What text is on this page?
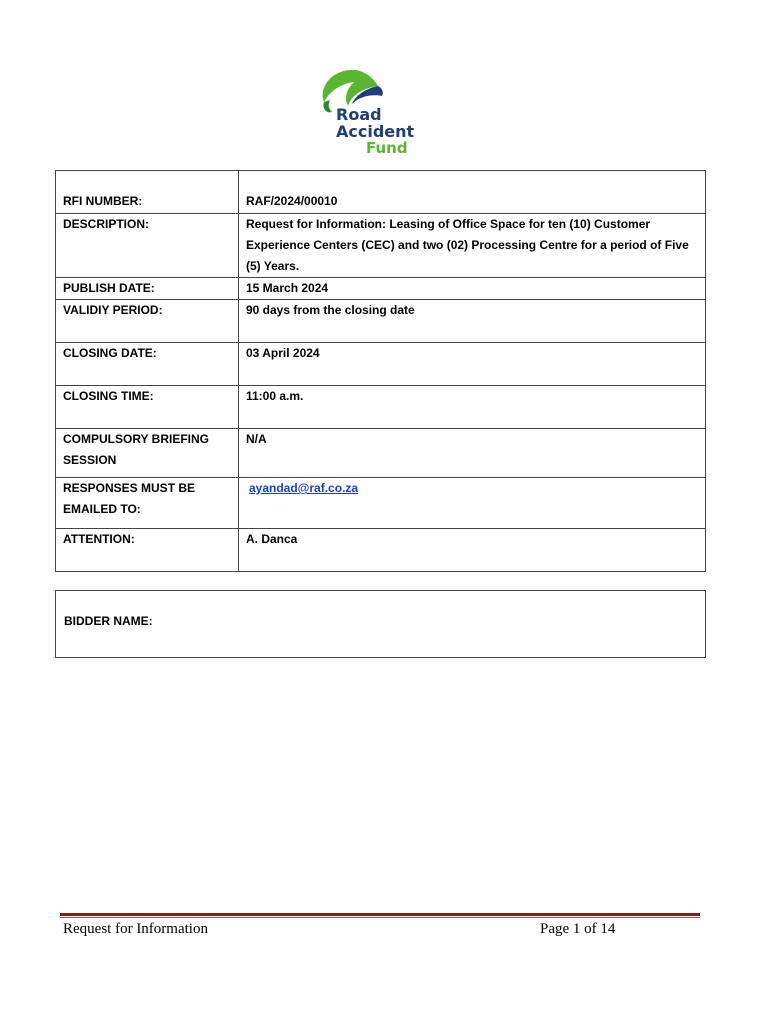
Road
Accident
Fund
RFI NUMBER:	RAF/2024/00010

DESCRIPTION:	Request for Information: Leasing of Office Space for ten (10) Customer Experience Centers (CEC) and two (02) Processing Centre for a period of Five (5) Years.
PUBLISH DATE:	15 March 2024
VALIDIY PERIOD:	90 days from the closing date
CLOSING DATE:	03 April 2024
CLOSING TIME:	11:00 a.m.
COMPULSORY BRIEFING SESSION	N/A
RESPONSES MUST BE EMAILED TO:	ayandad@raf.co.za
ATTENTION:	A. Danca
BIDDER NAME:
Request for Information	Page 1 of 14
